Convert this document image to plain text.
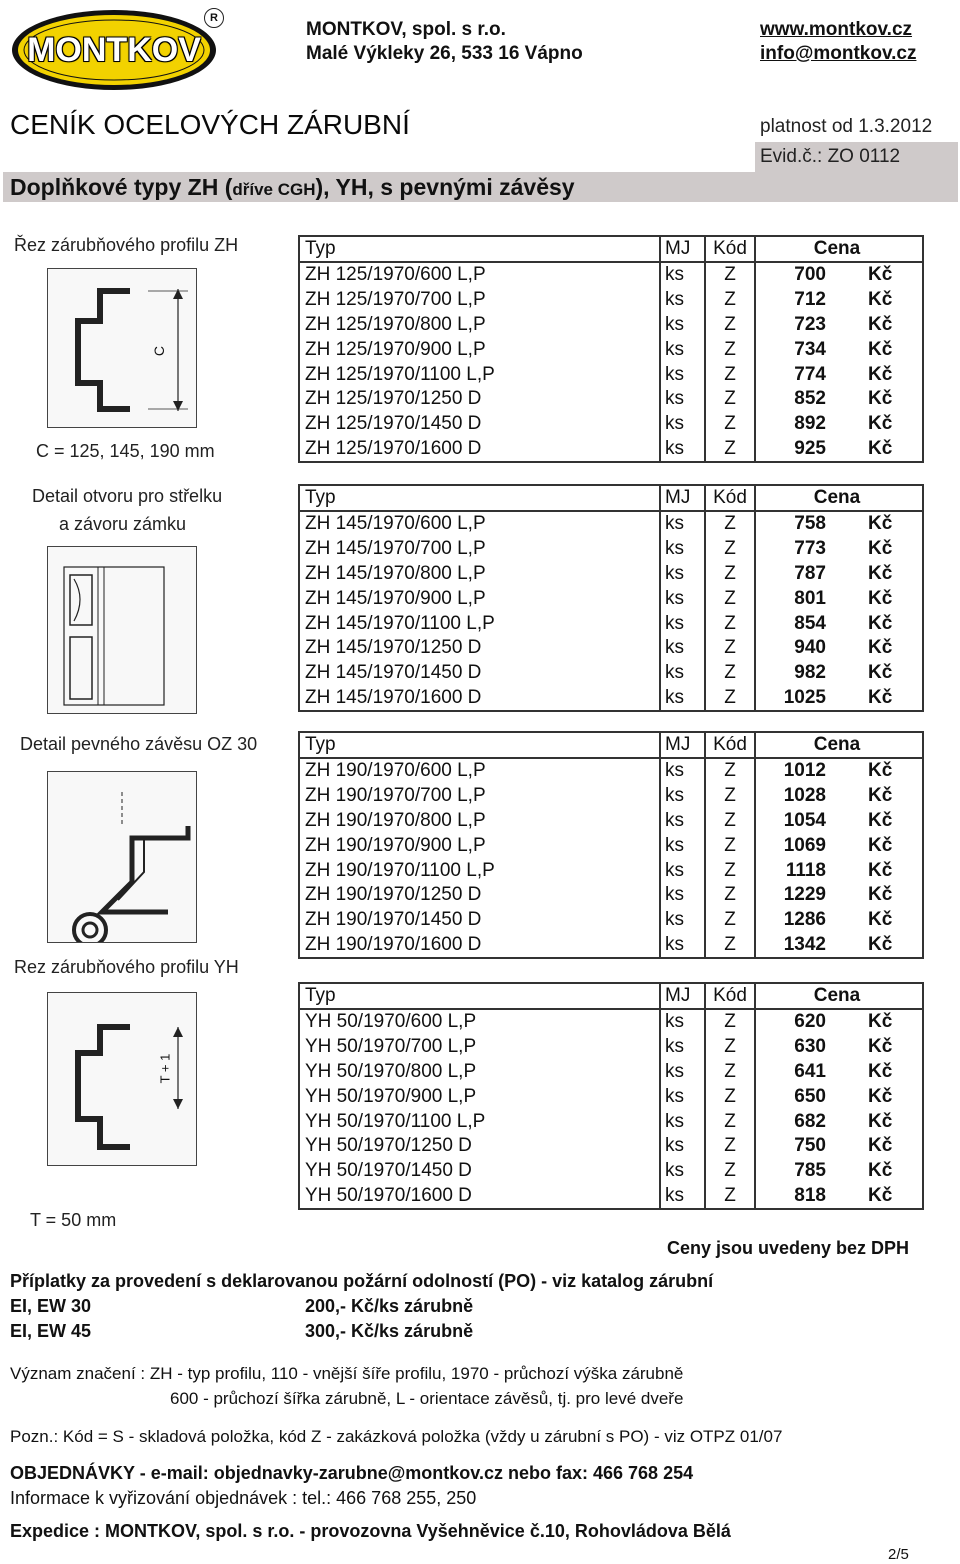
MONTKOV
R
MONTKOV, spol. s r.o.
Malé Výkleky 26, 533 16 Vápno
www.montkov.cz
info@montkov.cz
CENÍK OCELOVÝCH ZÁRUBNÍ	platnost od 1.3.2012
Evid.č.: ZO 0112
Doplňkové typy ZH (dříve CGH), YH, s pevnými závěsy
Řez zárubňového profilu ZH
C
C = 125, 145, 190 mm
Detail otvoru pro střelku
a závoru zámku
Detail pevného závěsu OZ 30
Rez zárubňového profilu YH
T + 1
T = 50 mm
Typ	MJ	Kód	Cena
ZH 125/1970/600 L,P	ks	Z	700	Kč
ZH 125/1970/700 L,P	ks	Z	712	Kč
ZH 125/1970/800 L,P	ks	Z	723	Kč
ZH 125/1970/900 L,P	ks	Z	734	Kč
ZH 125/1970/1100 L,P	ks	Z	774	Kč
ZH 125/1970/1250 D	ks	Z	852	Kč
ZH 125/1970/1450 D	ks	Z	892	Kč
ZH 125/1970/1600 D	ks	Z	925	Kč
Typ	MJ	Kód	Cena
ZH 145/1970/600 L,P	ks	Z	758	Kč
ZH 145/1970/700 L,P	ks	Z	773	Kč
ZH 145/1970/800 L,P	ks	Z	787	Kč
ZH 145/1970/900 L,P	ks	Z	801	Kč
ZH 145/1970/1100 L,P	ks	Z	854	Kč
ZH 145/1970/1250 D	ks	Z	940	Kč
ZH 145/1970/1450 D	ks	Z	982	Kč
ZH 145/1970/1600 D	ks	Z	1025	Kč
Typ	MJ	Kód	Cena
ZH 190/1970/600 L,P	ks	Z	1012	Kč
ZH 190/1970/700 L,P	ks	Z	1028	Kč
ZH 190/1970/800 L,P	ks	Z	1054	Kč
ZH 190/1970/900 L,P	ks	Z	1069	Kč
ZH 190/1970/1100 L,P	ks	Z	1118	Kč
ZH 190/1970/1250 D	ks	Z	1229	Kč
ZH 190/1970/1450 D	ks	Z	1286	Kč
ZH 190/1970/1600 D	ks	Z	1342	Kč
Typ	MJ	Kód	Cena
YH 50/1970/600 L,P	ks	Z	620	Kč
YH 50/1970/700 L,P	ks	Z	630	Kč
YH 50/1970/800 L,P	ks	Z	641	Kč
YH 50/1970/900 L,P	ks	Z	650	Kč
YH 50/1970/1100 L,P	ks	Z	682	Kč
YH 50/1970/1250 D	ks	Z	750	Kč
YH 50/1970/1450 D	ks	Z	785	Kč
YH 50/1970/1600 D	ks	Z	818	Kč
Ceny jsou uvedeny bez DPH
Příplatky za provedení s deklarovanou požární odolností (PO) - viz katalog zárubní
EI, EW 30	200,- Kč/ks zárubně
EI, EW 45	300,- Kč/ks zárubně
Význam značení : ZH - typ profilu, 110 - vnější šíře profilu, 1970 - průchozí výška zárubně
600 - průchozí šířka zárubně, L - orientace závěsů, tj. pro levé dveře
Pozn.: Kód = S - skladová položka, kód Z - zakázková položka (vždy u zárubní s PO) - viz OTPZ 01/07
OBJEDNÁVKY - e-mail: objednavky-zarubne@montkov.cz nebo fax: 466 768 254
Informace k vyřizování objednávek : tel.: 466 768 255, 250
Expedice : MONTKOV, spol. s r.o. - provozovna Vyšehněvice č.10, Rohovládova Bělá
2/5
